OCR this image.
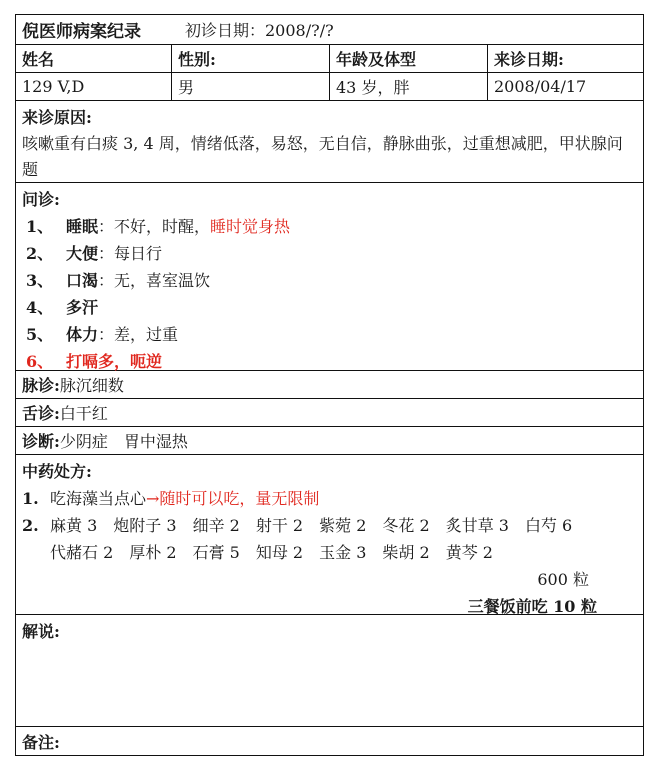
倪医师病案纪录	初诊日期：2008/?/?
姓名	性别:	年龄及体型	来诊日期:
129 V,D	男	43 岁，胖	2008/04/17
来诊原因:
咳嗽重有白痰 3, 4 周，情绪低落，易怒，无自信，静脉曲张，过重想减肥，甲状腺问题
问诊:
1、 睡眠 ： 不好，时醒， 睡时觉身热
2、 大便 ： 每日行
3、 口渴 ： 无，喜室温饮
4、 多汗
5、 体力 ： 差，过重
6、 打嗝多，呃逆
脉诊: 脉沉细数
舌诊: 白干红
诊断: 少阴症　胃中湿热
中药处方:
1. 吃海藻当点心 → 随时可以吃，量无限制
2. 麻黄 3 炮附子 3 细辛 2 射干 2 紫菀 2 冬花 2 炙甘草 3 白芍 6
代赭石 2 厚朴 2 石膏 5 知母 2 玉金 3 柴胡 2 黄芩 2
600 粒
三餐饭前吃 10 粒
解说:
备注:
